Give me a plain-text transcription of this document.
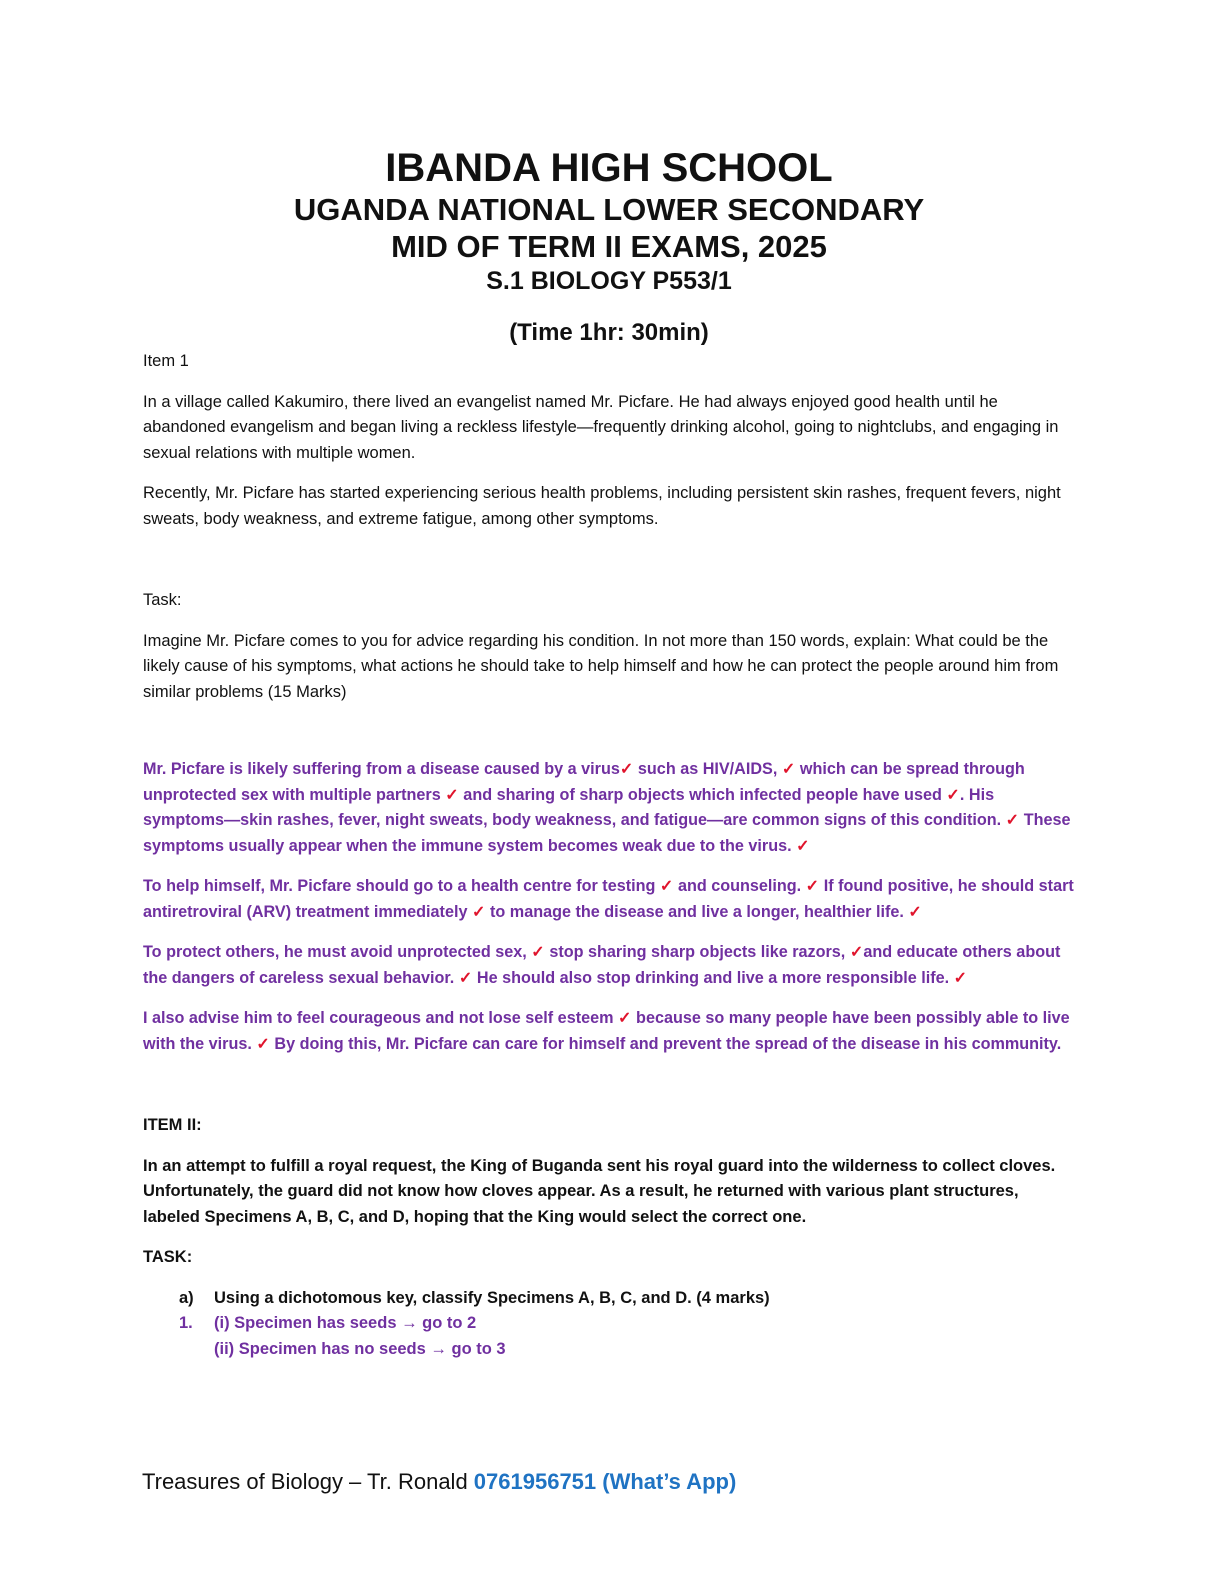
IBANDA HIGH SCHOOL
UGANDA NATIONAL LOWER SECONDARY
MID OF TERM II EXAMS, 2025
S.1 BIOLOGY P553/1
(Time 1hr: 30min)

Item 1

In a village called Kakumiro, there lived an evangelist named Mr. Picfare. He had always enjoyed good health until he abandoned evangelism and began living a reckless lifestyle—frequently drinking alcohol, going to nightclubs, and engaging in sexual relations with multiple women.

Recently, Mr. Picfare has started experiencing serious health problems, including persistent skin rashes, frequent fevers, night sweats, body weakness, and extreme fatigue, among other symptoms.

Task:

Imagine Mr. Picfare comes to you for advice regarding his condition. In not more than 150 words, explain: What could be the likely cause of his symptoms, what actions he should take to help himself and how he can protect the people around him from similar problems (15 Marks)

Mr. Picfare is likely suffering from a disease caused by a virus✓ such as HIV/AIDS, ✓ which can be spread through unprotected sex with multiple partners ✓ and sharing of sharp objects which infected people have used ✓. His symptoms—skin rashes, fever, night sweats, body weakness, and fatigue—are common signs of this condition. ✓ These symptoms usually appear when the immune system becomes weak due to the virus. ✓

To help himself, Mr. Picfare should go to a health centre for testing ✓ and counseling. ✓ If found positive, he should start antiretroviral (ARV) treatment immediately ✓ to manage the disease and live a longer, healthier life. ✓

To protect others, he must avoid unprotected sex, ✓ stop sharing sharp objects like razors, ✓and educate others about the dangers of careless sexual behavior. ✓ He should also stop drinking and live a more responsible life. ✓

I also advise him to feel courageous and not lose self esteem ✓ because so many people have been possibly able to live with the virus. ✓ By doing this, Mr. Picfare can care for himself and prevent the spread of the disease in his community.

ITEM II:

In an attempt to fulfill a royal request, the King of Buganda sent his royal guard into the wilderness to collect cloves. Unfortunately, the guard did not know how cloves appear. As a result, he returned with various plant structures, labeled Specimens A, B, C, and D, hoping that the King would select the correct one.

TASK:

a)	Using a dichotomous key, classify Specimens A, B, C, and D. (4 marks)
1.	(i) Specimen has seeds → go to 2
(ii) Specimen has no seeds → go to 3
Treasures of Biology – Tr. Ronald 0761956751 (What’s App)
